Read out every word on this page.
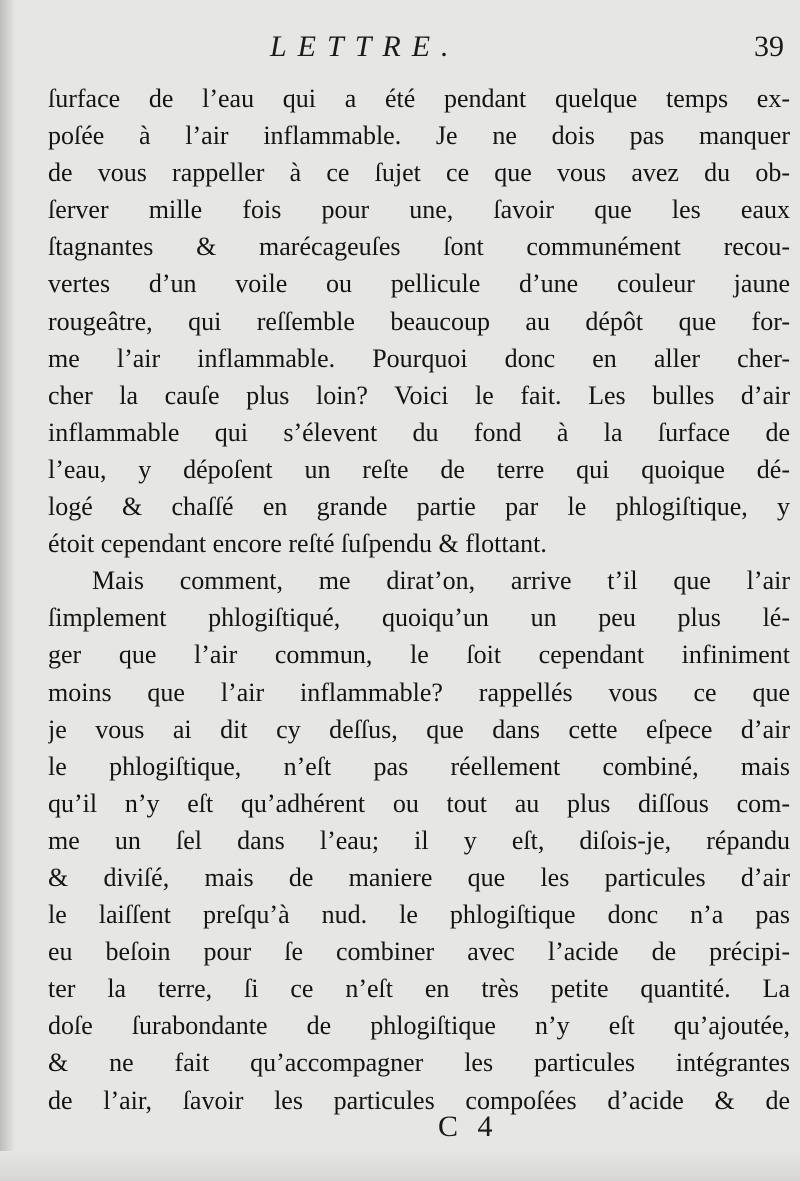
LETTRE.	39
ſurface de l’eau qui a été pendant quelque temps ex-
poſée à l’air inflammable. Je ne dois pas manquer
de vous rappeller à ce ſujet ce que vous avez du ob-
ſerver mille fois pour une, ſavoir que les eaux
ſtagnantes & marécageuſes ſont communément recou-
vertes d’un voile ou pellicule d’une couleur jaune
rougeâtre, qui reſſemble beaucoup au dépôt que for-
me l’air inflammable. Pourquoi donc en aller cher-
cher la cauſe plus loin? Voici le fait. Les bulles d’air
inflammable qui s’élevent du fond à la ſurface de
l’eau, y dépoſent un reſte de terre qui quoique dé-
logé & chaſſé en grande partie par le phlogiſtique, y
étoit cependant encore reſté ſuſpendu & flottant.
Mais comment, me dirat’on, arrive t’il que l’air
ſimplement phlogiſtiqué, quoiqu’un un peu plus lé-
ger que l’air commun, le ſoit cependant infiniment
moins que l’air inflammable? rappellés vous ce que
je vous ai dit cy deſſus, que dans cette eſpece d’air
le phlogiſtique, n’eſt pas réellement combiné, mais
qu’il n’y eſt qu’adhérent ou tout au plus diſſous com-
me un ſel dans l’eau; il y eſt, diſois-je, répandu
& diviſé, mais de maniere que les particules d’air
le laiſſent preſqu’à nud. le phlogiſtique donc n’a pas
eu beſoin pour ſe combiner avec l’acide de précipi-
ter la terre, ſi ce n’eſt en très petite quantité. La
doſe ſurabondante de phlogiſtique n’y eſt qu’ajoutée,
& ne fait qu’accompagner les particules intégrantes
de l’air, ſavoir les particules compoſées d’acide & de
C 4
